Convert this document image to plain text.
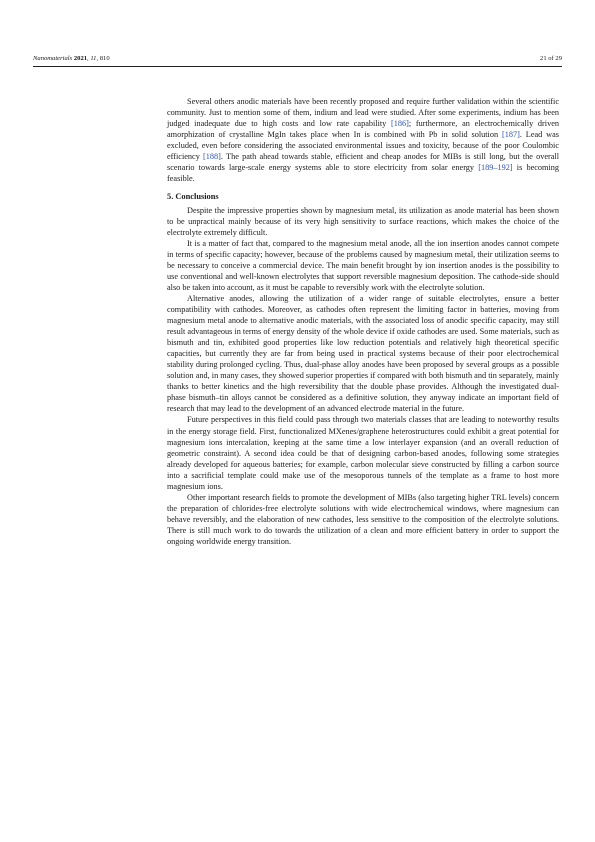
Nanomaterials 2021, 11, 810	21 of 29

Several others anodic materials have been recently proposed and require further validation within the scientific community. Just to mention some of them, indium and lead were studied. After some experiments, indium has been judged inadequate due to high costs and low rate capability [186]; furthermore, an electrochemically driven amorphization of crystalline MgIn takes place when In is combined with Pb in solid solution [187]. Lead was excluded, even before considering the associated environmental issues and toxicity, because of the poor Coulombic efficiency [188]. The path ahead towards stable, efficient and cheap anodes for MIBs is still long, but the overall scenario towards large-scale energy systems able to store electricity from solar energy [189–192] is becoming feasible.

5. Conclusions

Despite the impressive properties shown by magnesium metal, its utilization as anode material has been shown to be unpractical mainly because of its very high sensitivity to surface reactions, which makes the choice of the electrolyte extremely difficult.

It is a matter of fact that, compared to the magnesium metal anode, all the ion insertion anodes cannot compete in terms of specific capacity; however, because of the problems caused by magnesium metal, their utilization seems to be necessary to conceive a commercial device. The main benefit brought by ion insertion anodes is the possibility to use conventional and well-known electrolytes that support reversible magnesium deposition. The cathode-side should also be taken into account, as it must be capable to reversibly work with the electrolyte solution.

Alternative anodes, allowing the utilization of a wider range of suitable electrolytes, ensure a better compatibility with cathodes. Moreover, as cathodes often represent the limiting factor in batteries, moving from magnesium metal anode to alternative anodic materials, with the associated loss of anodic specific capacity, may still result advantageous in terms of energy density of the whole device if oxide cathodes are used. Some materials, such as bismuth and tin, exhibited good properties like low reduction potentials and relatively high theoretical specific capacities, but currently they are far from being used in practical systems because of their poor electrochemical stability during prolonged cycling. Thus, dual-phase alloy anodes have been proposed by several groups as a possible solution and, in many cases, they showed superior properties if compared with both bismuth and tin separately, mainly thanks to better kinetics and the high reversibility that the double phase provides. Although the investigated dual-phase bismuth–tin alloys cannot be considered as a definitive solution, they anyway indicate an important field of research that may lead to the development of an advanced electrode material in the future.

Future perspectives in this field could pass through two materials classes that are leading to noteworthy results in the energy storage field. First, functionalized MXenes/graphene heterostructures could exhibit a great potential for magnesium ions intercalation, keeping at the same time a low interlayer expansion (and an overall reduction of geometric constraint). A second idea could be that of designing carbon-based anodes, following some strategies already developed for aqueous batteries; for example, carbon molecular sieve constructed by filling a carbon source into a sacrificial template could make use of the mesoporous tunnels of the template as a frame to host more magnesium ions.

Other important research fields to promote the development of MIBs (also targeting higher TRL levels) concern the preparation of chlorides-free electrolyte solutions with wide electrochemical windows, where magnesium can behave reversibly, and the elaboration of new cathodes, less sensitive to the composition of the electrolyte solutions. There is still much work to do towards the utilization of a clean and more efficient battery in order to support the ongoing worldwide energy transition.
